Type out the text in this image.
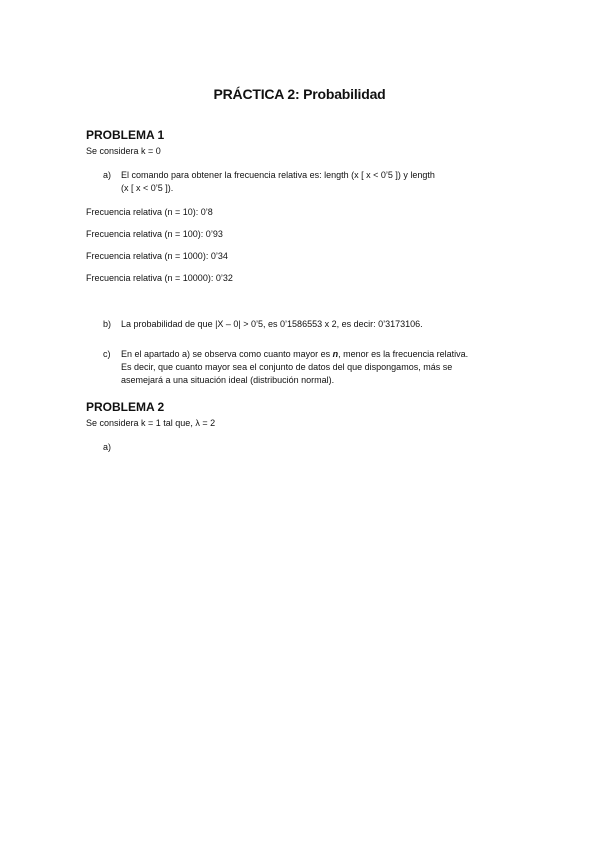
PRÁCTICA 2: Probabilidad
PROBLEMA 1
Se considera k = 0
a) El comando para obtener la frecuencia relativa es: length (x [ x < 0’5 ]) y length
(x [ x < 0’5 ]).
Frecuencia relativa (n = 10): 0’8
Frecuencia relativa (n = 100): 0’93
Frecuencia relativa (n = 1000): 0’34
Frecuencia relativa (n = 10000): 0’32
b) La probabilidad de que |X – 0| > 0’5, es 0’1586553 x 2, es decir: 0’3173106.
c) En el apartado a) se observa como cuanto mayor es n, menor es la frecuencia relativa.
Es decir, que cuanto mayor sea el conjunto de datos del que dispongamos, más se
asemejará a una situación ideal (distribución normal).
PROBLEMA 2
Se considera k = 1 tal que, λ = 2
a)
